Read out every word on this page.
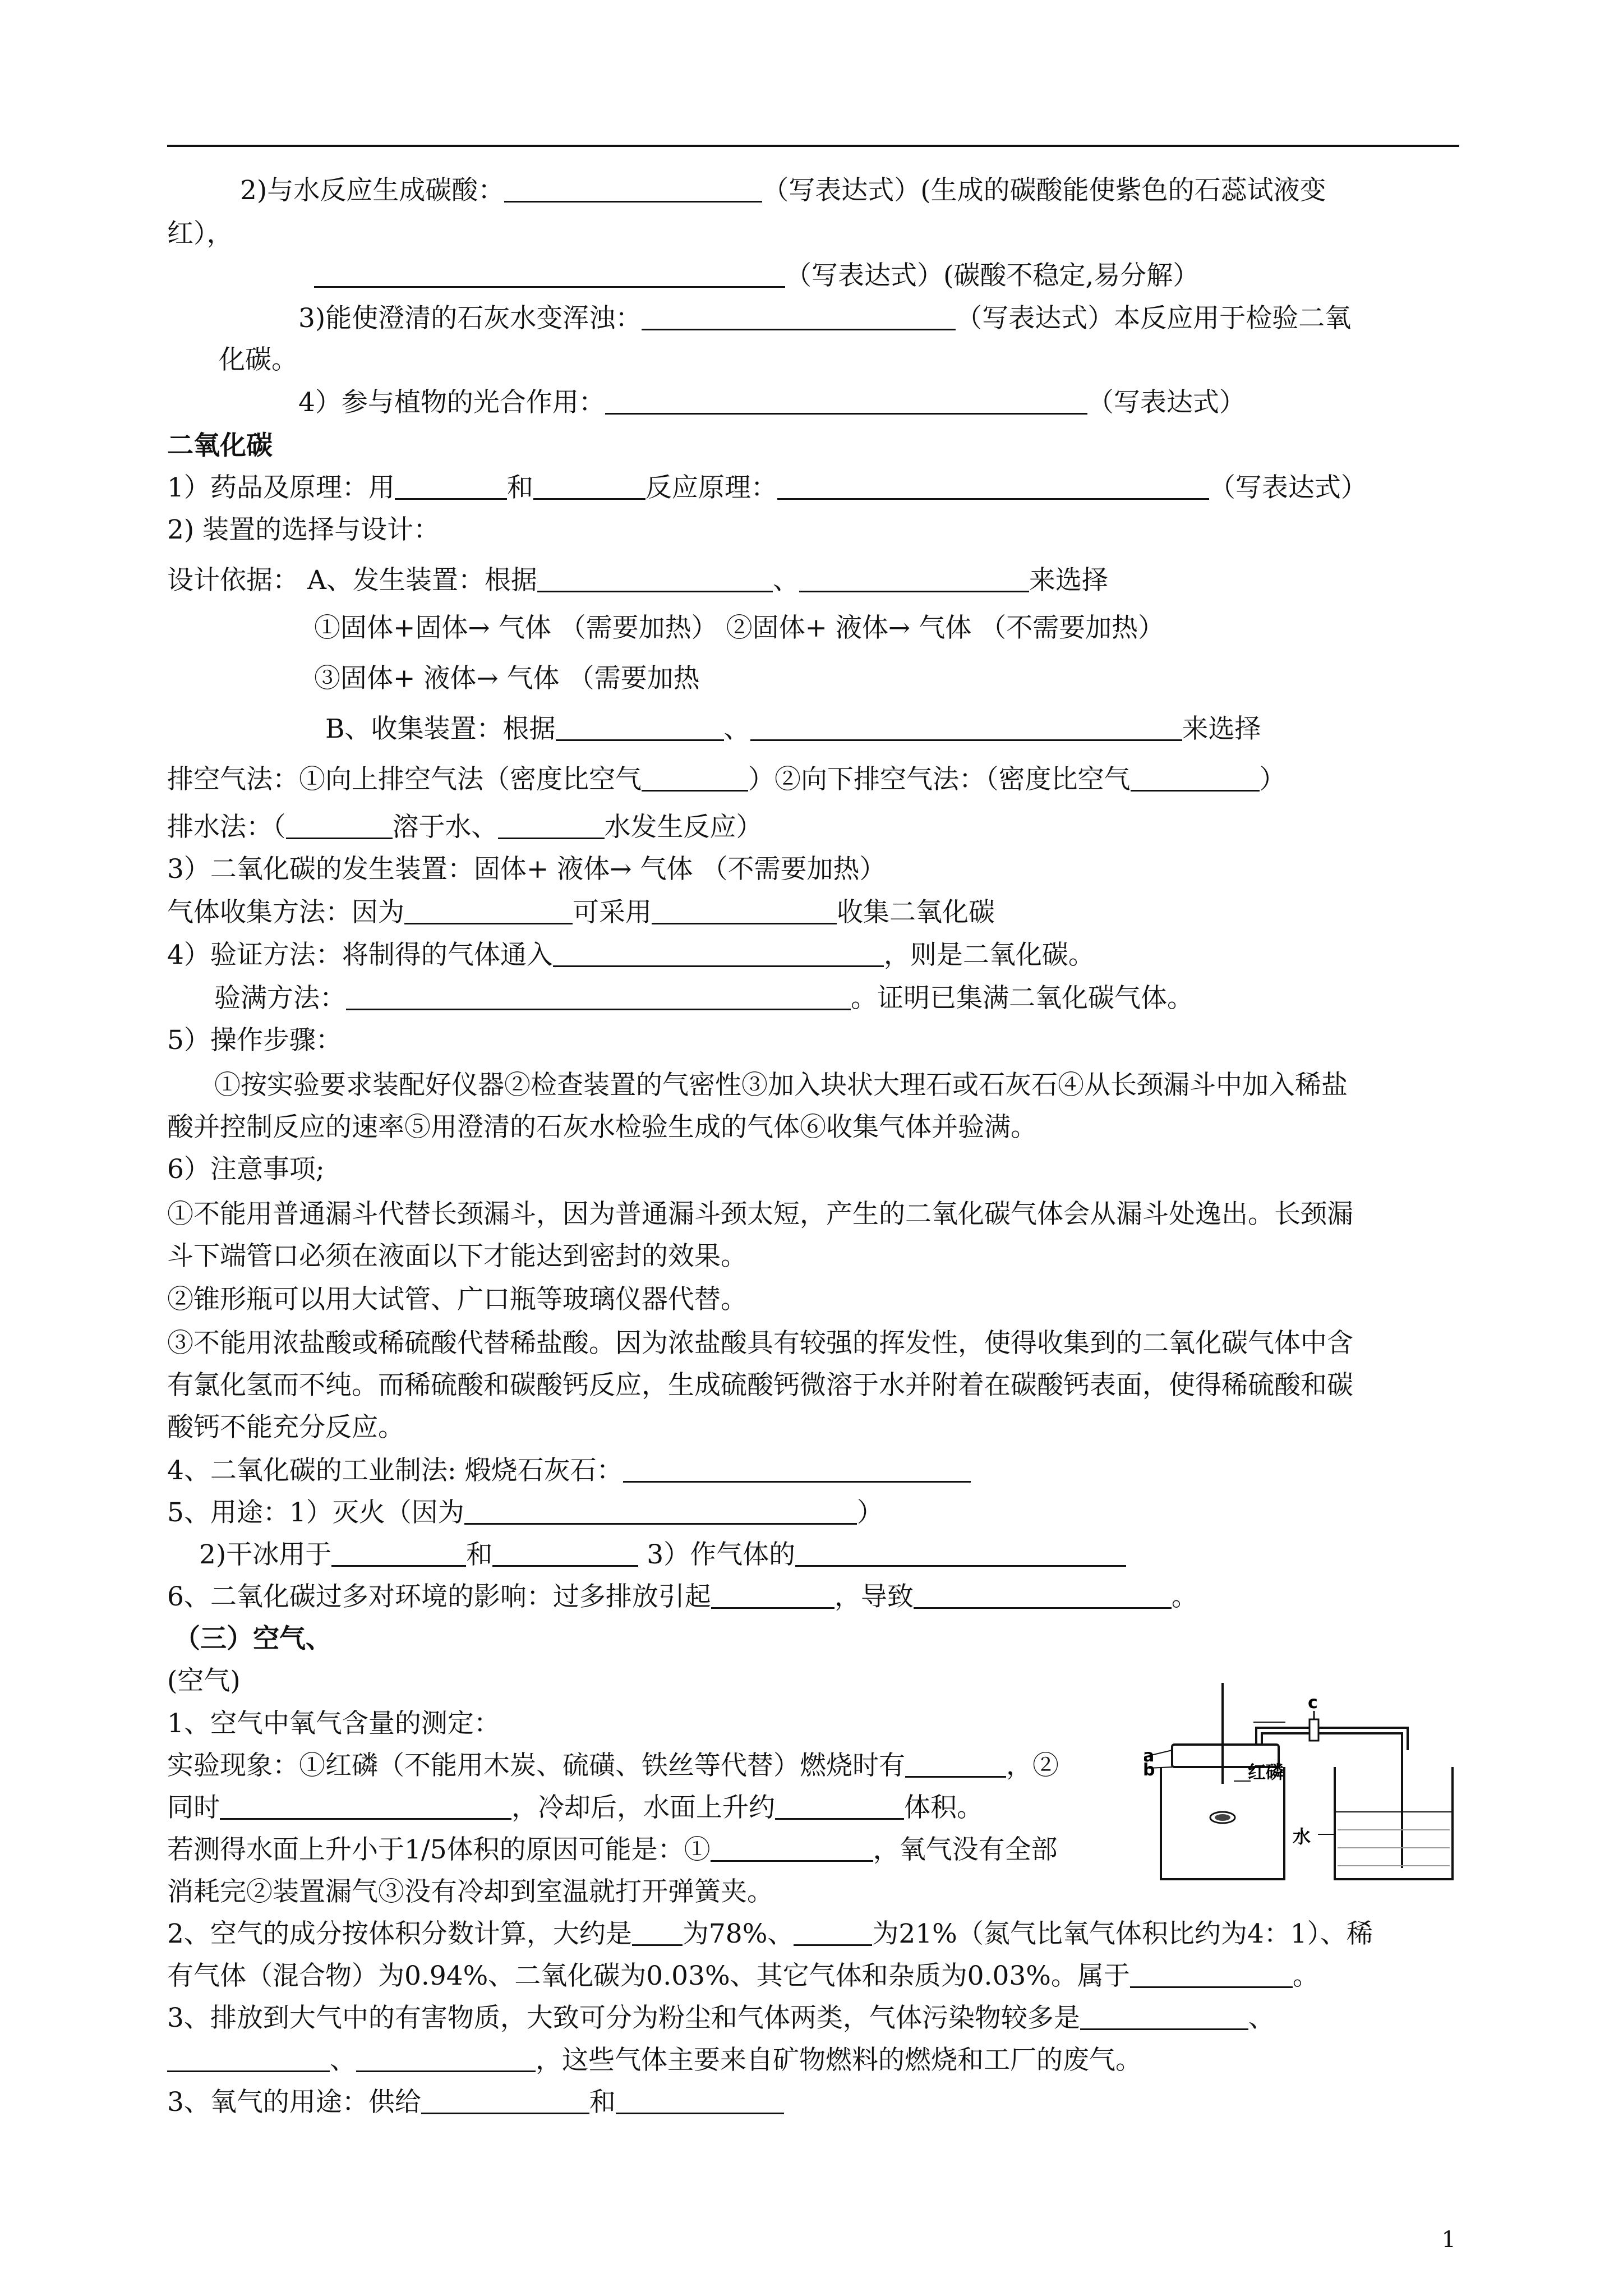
2)与水反应生成碳酸：	（写表达式）(生成的碳酸能使紫色的石蕊试液变
红），
（写表达式）(碳酸不稳定,易分解）
3)能使澄清的石灰水变浑浊：	（写表达式）本反应用于检验二氧
化碳。
4）参与植物的光合作用：	（写表达式）
二氧化碳
1）药品及原理：用	和	反应原理：	（写表达式）
2) 装置的选择与设计：
设计依据： A、发生装置：根据	、	来选择
①固体+固体→ 气体 （需要加热） ②固体+ 液体→ 气体 （不需要加热）
③固体+ 液体→ 气体 （需要加热
B、收集装置：根据	、	来选择
排空气法：①向上排空气法（密度比空气	）②向下排空气法：（密度比空气	）
排水法：（	溶于水、	水发生反应）
3）二氧化碳的发生装置：固体+ 液体→ 气体 （不需要加热）
气体收集方法：因为	可采用	收集二氧化碳
4）验证方法：将制得的气体通入	，则是二氧化碳。
验满方法：	。证明已集满二氧化碳气体。
5）操作步骤：
①按实验要求装配好仪器②检查装置的气密性③加入块状大理石或石灰石④从长颈漏斗中加入稀盐
酸并控制反应的速率⑤用澄清的石灰水检验生成的气体⑥收集气体并验满。
6）注意事项;
①不能用普通漏斗代替长颈漏斗，因为普通漏斗颈太短，产生的二氧化碳气体会从漏斗处逸出。长颈漏
斗下端管口必须在液面以下才能达到密封的效果。
②锥形瓶可以用大试管、广口瓶等玻璃仪器代替。
③不能用浓盐酸或稀硫酸代替稀盐酸。因为浓盐酸具有较强的挥发性，使得收集到的二氧化碳气体中含
有氯化氢而不纯。而稀硫酸和碳酸钙反应，生成硫酸钙微溶于水并附着在碳酸钙表面，使得稀硫酸和碳
酸钙不能充分反应。
4、二氧化碳的工业制法: 煅烧石灰石：
5、用途：1）灭火（因为	）
2)干冰用于	和	3）作气体的
6、二氧化碳过多对环境的影响：过多排放引起	，导致	。
（三）空气、
(空气)
1、空气中氧气含量的测定：
实验现象：①红磷（不能用木炭、硫磺、铁丝等代替）燃烧时有	，②
同时	，冷却后，水面上升约	体积。
若测得水面上升小于1/5体积的原因可能是：①	，氧气没有全部
消耗完②装置漏气③没有冷却到室温就打开弹簧夹。
2、空气的成分按体积分数计算，大约是 为78%、	为21%（氮气比氧气体积比约为4：1）、稀
有气体（混合物）为0.94%、二氧化碳为0.03%、其它气体和杂质为0.03%。属于	。
3、排放到大气中的有害物质，大致可分为粉尘和气体两类，气体污染物较多是	、
、	，这些气体主要来自矿物燃料的燃烧和工厂的废气。
3、氧气的用途：供给	和
c
a
b	红磷
水
1
